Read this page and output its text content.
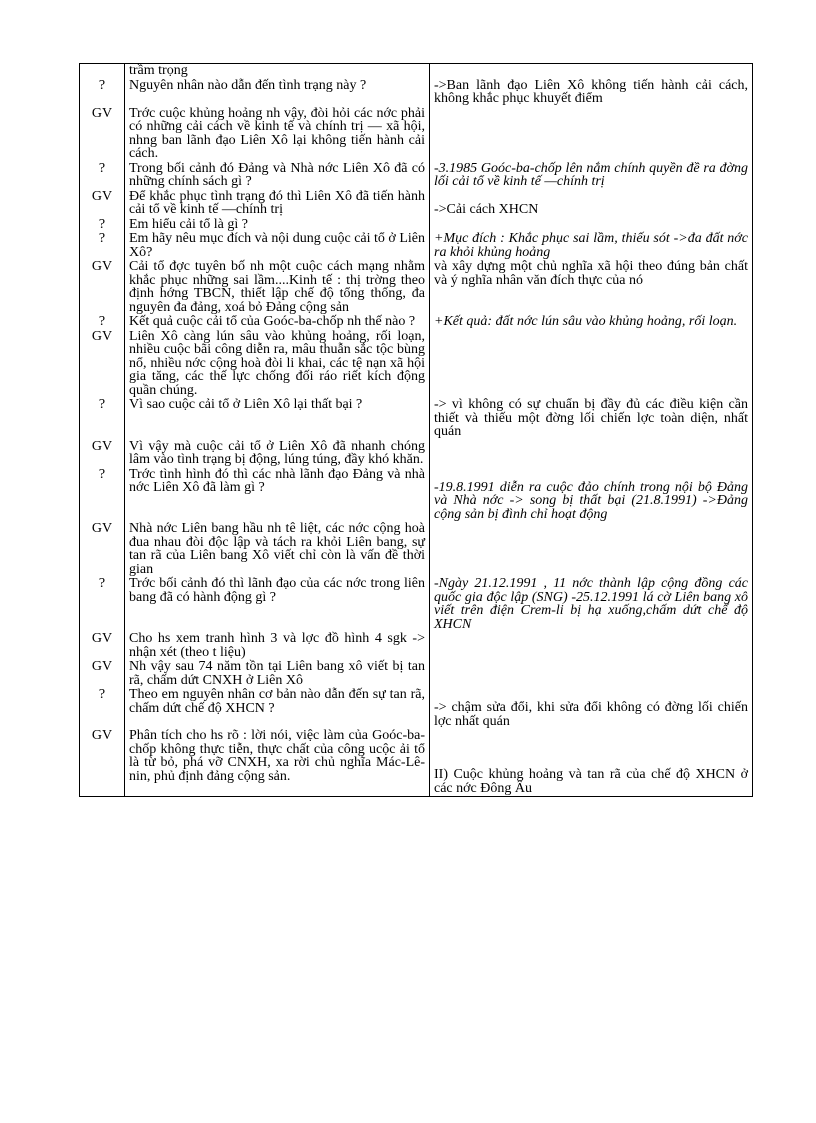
	trầm trọng	
?	Nguyên nhân nào dẫn đến tình trạng này ?	->Ban lãnh đạo Liên Xô không tiến hành cải cách, không khắc phục khuyết điểm
GV	Trớc cuộc khủng hoảng nh vậy, đòi hỏi các nớc phải có những cải cách về kinh tế và chính trị — xã hội, nhng ban lãnh đạo Liên Xô lại không tiến hành cải cách.	
?	Trong bối cảnh đó Đảng và Nhà nớc Liên Xô đã có những chính sách gì ?	-3.1985 Goóc-ba-chốp lên nắm chính quyền đề ra đờng lối cải tổ về kinh tế —chính trị
GV	Để khắc phục tình trạng đó thì Liên Xô đã tiến hành cải tổ về kinh tế —chính trị	->Cải cách XHCN
?	Em hiểu cải tổ là gì ?	
?	Em hãy nêu mục đích và nội dung cuộc cải tổ ở Liên Xô?	+Mục đích : Khắc phục sai lầm, thiếu sót ->đa đất nớc ra khỏi khủng hoảng
GV	Cải tổ đợc tuyên bố nh một cuộc cách mạng nhằm khắc phục những sai lầm....Kinh tế : thị trờng theo định hớng TBCN, thiết lập chế độ tổng thống, đa nguyên đa đảng, xoá bỏ Đảng cộng sản	và xây dựng một chủ nghĩa xã hội theo đúng bản chất và ý nghĩa nhân văn đích thực của nó
?	Kết quả cuộc cải tổ của Goóc-ba-chốp nh thế nào ?	+Kết quả: đất nớc lún sâu vào khủng hoảng, rối loạn.
GV	Liên Xô càng lún sâu vào khủng hoảng, rối loạn, nhiều cuộc bãi công diễn ra, mâu thuẫn sắc tộc bùng nổ, nhiều nớc cộng hoà đòi li khai, các tệ nạn xã hội gia tăng, các thế lực chống đối ráo riết kích động quần chúng.	
?	Vì sao cuộc cải tổ ở Liên Xô lại thất bại ?	-> vì không có sự chuẩn bị đầy đủ các điều kiện cần thiết và thiếu một đờng lối chiến lợc toàn diện, nhất quán
GV	Vì vậy mà cuộc cải tổ ở Liên Xô đã nhanh chóng lâm vào tình trạng bị động, lúng túng, đầy khó khăn.	
?	Trớc tình hình đó thì các nhà lãnh đạo Đảng và nhà nớc Liên Xô đã làm gì ?	-19.8.1991 diễn ra cuộc đảo chính trong nội bộ Đảng và Nhà nớc -> song bị thất bại (21.8.1991) ->Đảng cộng sản bị đình chỉ hoạt động
GV	Nhà nớc Liên bang hầu nh tê liệt, các nớc cộng hoà đua nhau đòi độc lập và tách ra khỏi Liên bang, sự tan rã của Liên bang Xô viết chỉ còn là vấn đề thời gian	
?	Trớc bối cảnh đó thì lãnh đạo của các nớc trong liên bang đã có hành động gì ?	-Ngày 21.12.1991 , 11 nớc thành lập cộng đồng các quốc gia độc lập (SNG) -25.12.1991 lá cờ Liên bang xô viết trên điện Crem-li bị hạ xuống,chấm dứt chế độ XHCN
GV	Cho hs xem tranh hình 3 và lợc đồ hình 4 sgk -> nhận xét (theo t liệu)	
GV	Nh vậy sau 74 năm tồn tại Liên bang xô viết bị tan rã, chấm dứt CNXH ở Liên Xô	
?	Theo em nguyên nhân cơ bản nào dẫn đến sự tan rã, chấm dứt chế độ XHCN ?	-> chậm sửa đổi, khi sửa đổi không có đờng lối chiến lợc nhất quán
GV	Phân tích cho hs rõ : lời nói, việc làm của Goóc-ba-chốp không thực tiễn, thực chất của công ucộc ải tổ là từ bỏ, phá vỡ CNXH, xa rời chủ nghĩa Mác-Lê-nin, phủ định đảng cộng sản.	II) Cuộc khủng hoảng và tan rã của chế độ XHCN ở các nớc Đông Âu
